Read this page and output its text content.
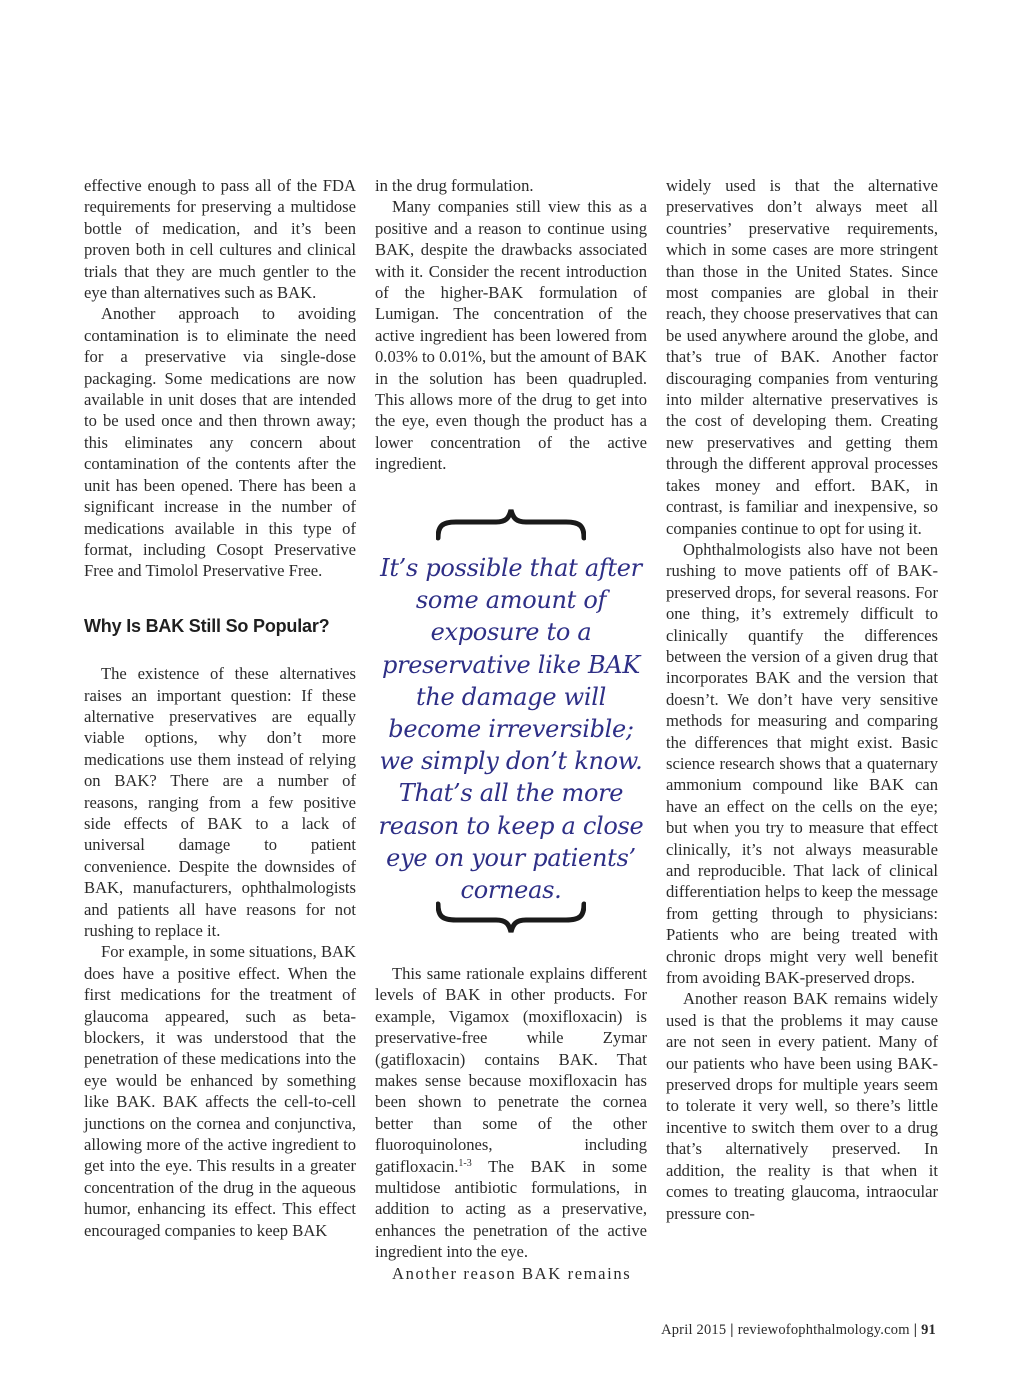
effective enough to pass all of the FDA requirements for preserving a multidose bottle of medication, and it’s been proven both in cell cultures and clinical trials that they are much gentler to the eye than alternatives such as BAK.

Another approach to avoiding contamination is to eliminate the need for a preservative via single-dose packaging. Some medications are now available in unit doses that are intended to be used once and then thrown away; this eliminates any concern about contamination of the contents after the unit has been opened. There has been a significant increase in the number of medications available in this type of format, including Cosopt Preservative Free and Timolol Preservative Free.

Why Is BAK Still So Popular?

The existence of these alternatives raises an important question: If these alternative preservatives are equally viable options, why don’t more medications use them instead of relying on BAK? There are a number of reasons, ranging from a few positive side effects of BAK to a lack of universal damage to patient convenience. Despite the downsides of BAK, manufacturers, ophthalmologists and patients all have reasons for not rushing to replace it.

For example, in some situations, BAK does have a positive effect. When the first medications for the treatment of glaucoma appeared, such as beta-blockers, it was understood that the penetration of these medications into the eye would be enhanced by something like BAK. BAK affects the cell-to-cell junctions on the cornea and conjunctiva, allowing more of the active ingredient to get into the eye. This results in a greater concentration of the drug in the aqueous humor, enhancing its effect. This effect encouraged companies to keep BAK

in the drug formulation.

Many companies still view this as a positive and a reason to continue using BAK, despite the drawbacks associated with it. Consider the recent introduction of the higher-BAK formulation of Lumigan. The concentration of the active ingredient has been lowered from 0.03% to 0.01%, but the amount of BAK in the solution has been quadrupled. This allows more of the drug to get into the eye, even though the product has a lower concentration of the active ingredient.

It’s possible that after some amount of exposure to a preservative like BAK the damage will become irreversible; we simply don’t know. That’s all the more reason to keep a close eye on your patients’ corneas.

This same rationale explains different levels of BAK in other products. For example, Vigamox (moxifloxacin) is preservative-free while Zymar (gatifloxacin) contains BAK. That makes sense because moxifloxacin has been shown to penetrate the cornea better than some of the other fluoroquinolones, including gatifloxacin.$^{1-3}$ The BAK in some multidose antibiotic formulations, in addition to acting as a preservative, enhances the penetration of the active ingredient into the eye.

Another reason BAK remains

widely used is that the alternative preservatives don’t always meet all countries’ preservative requirements, which in some cases are more stringent than those in the United States. Since most companies are global in their reach, they choose preservatives that can be used anywhere around the globe, and that’s true of BAK. Another factor discouraging companies from venturing into milder alternative preservatives is the cost of developing them. Creating new preservatives and getting them through the different approval processes takes money and effort. BAK, in contrast, is familiar and inexpensive, so companies continue to opt for using it.

Ophthalmologists also have not been rushing to move patients off of BAK-preserved drops, for several reasons. For one thing, it’s extremely difficult to clinically quantify the differences between the version of a given drug that incorporates BAK and the version that doesn’t. We don’t have very sensitive methods for measuring and comparing the differences that might exist. Basic science research shows that a quaternary ammonium compound like BAK can have an effect on the cells on the eye; but when you try to measure that effect clinically, it’s not always measurable and reproducible. That lack of clinical differentiation helps to keep the message from getting through to physicians: Patients who are being treated with chronic drops might very well benefit from avoiding BAK-preserved drops.

Another reason BAK remains widely used is that the problems it may cause are not seen in every patient. Many of our patients who have been using BAK-preserved drops for multiple years seem to tolerate it very well, so there’s little incentive to switch them over to a drug that’s alternatively preserved. In addition, the reality is that when it comes to treating glaucoma, intraocular pressure con-

April 2015 | reviewofophthalmology.com | 91
